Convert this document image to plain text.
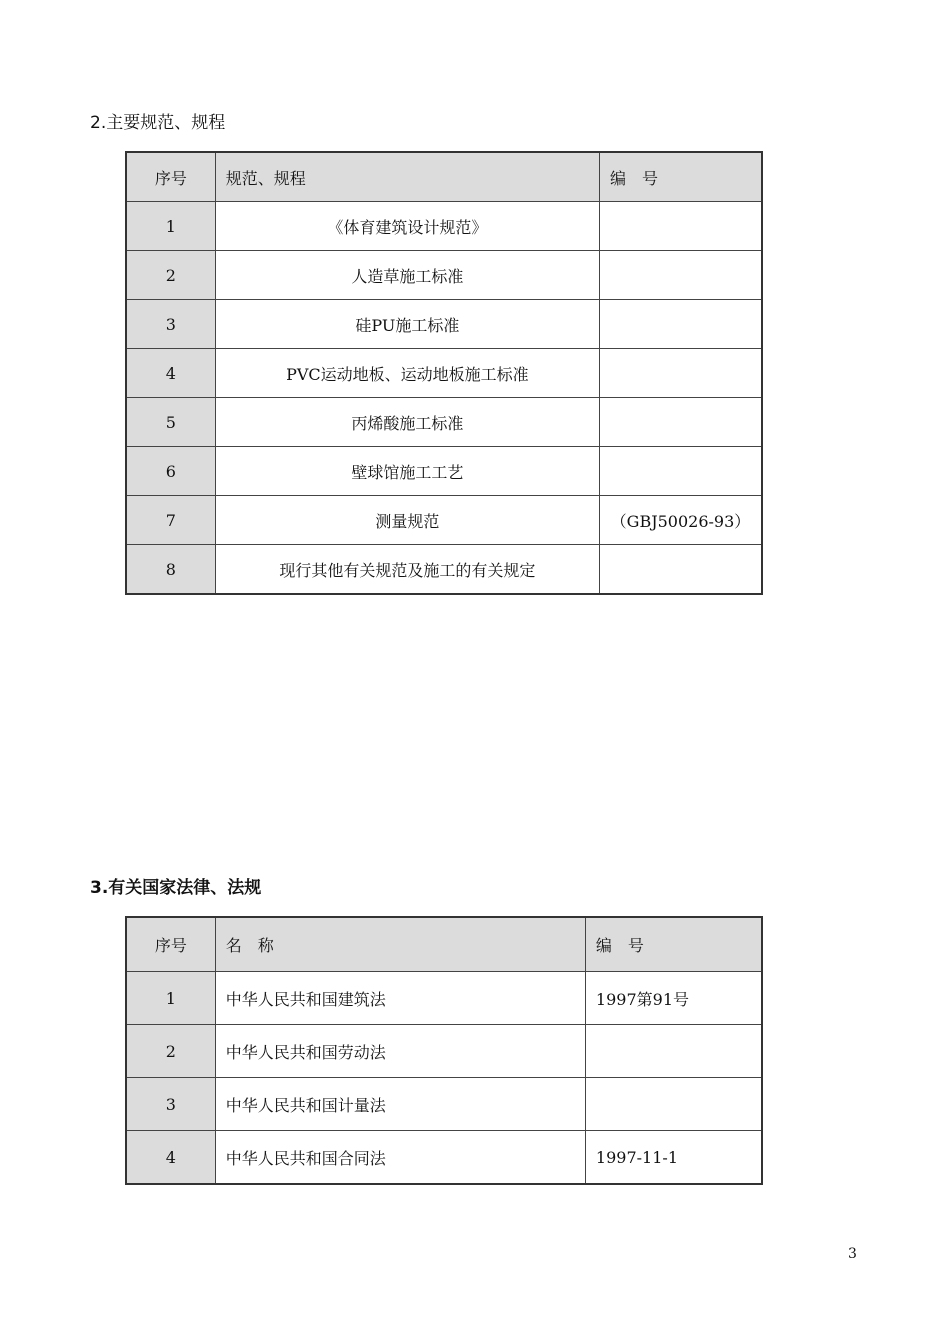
2.主要规范、规程
序号	规范、规程	编　号
1	《体育建筑设计规范》	
2	人造草施工标准	
3	硅PU施工标准	
4	PVC运动地板、运动地板施工标准	
5	丙烯酸施工标准	
6	壁球馆施工工艺	
7	测量规范	（GBJ50026-93）
8	现行其他有关规范及施工的有关规定	
3.有关国家法律、法规
序号	名　称	编　号
1	中华人民共和国建筑法	1997第91号
2	中华人民共和国劳动法	
3	中华人民共和国计量法	
4	中华人民共和国合同法	1997-11-1
3
